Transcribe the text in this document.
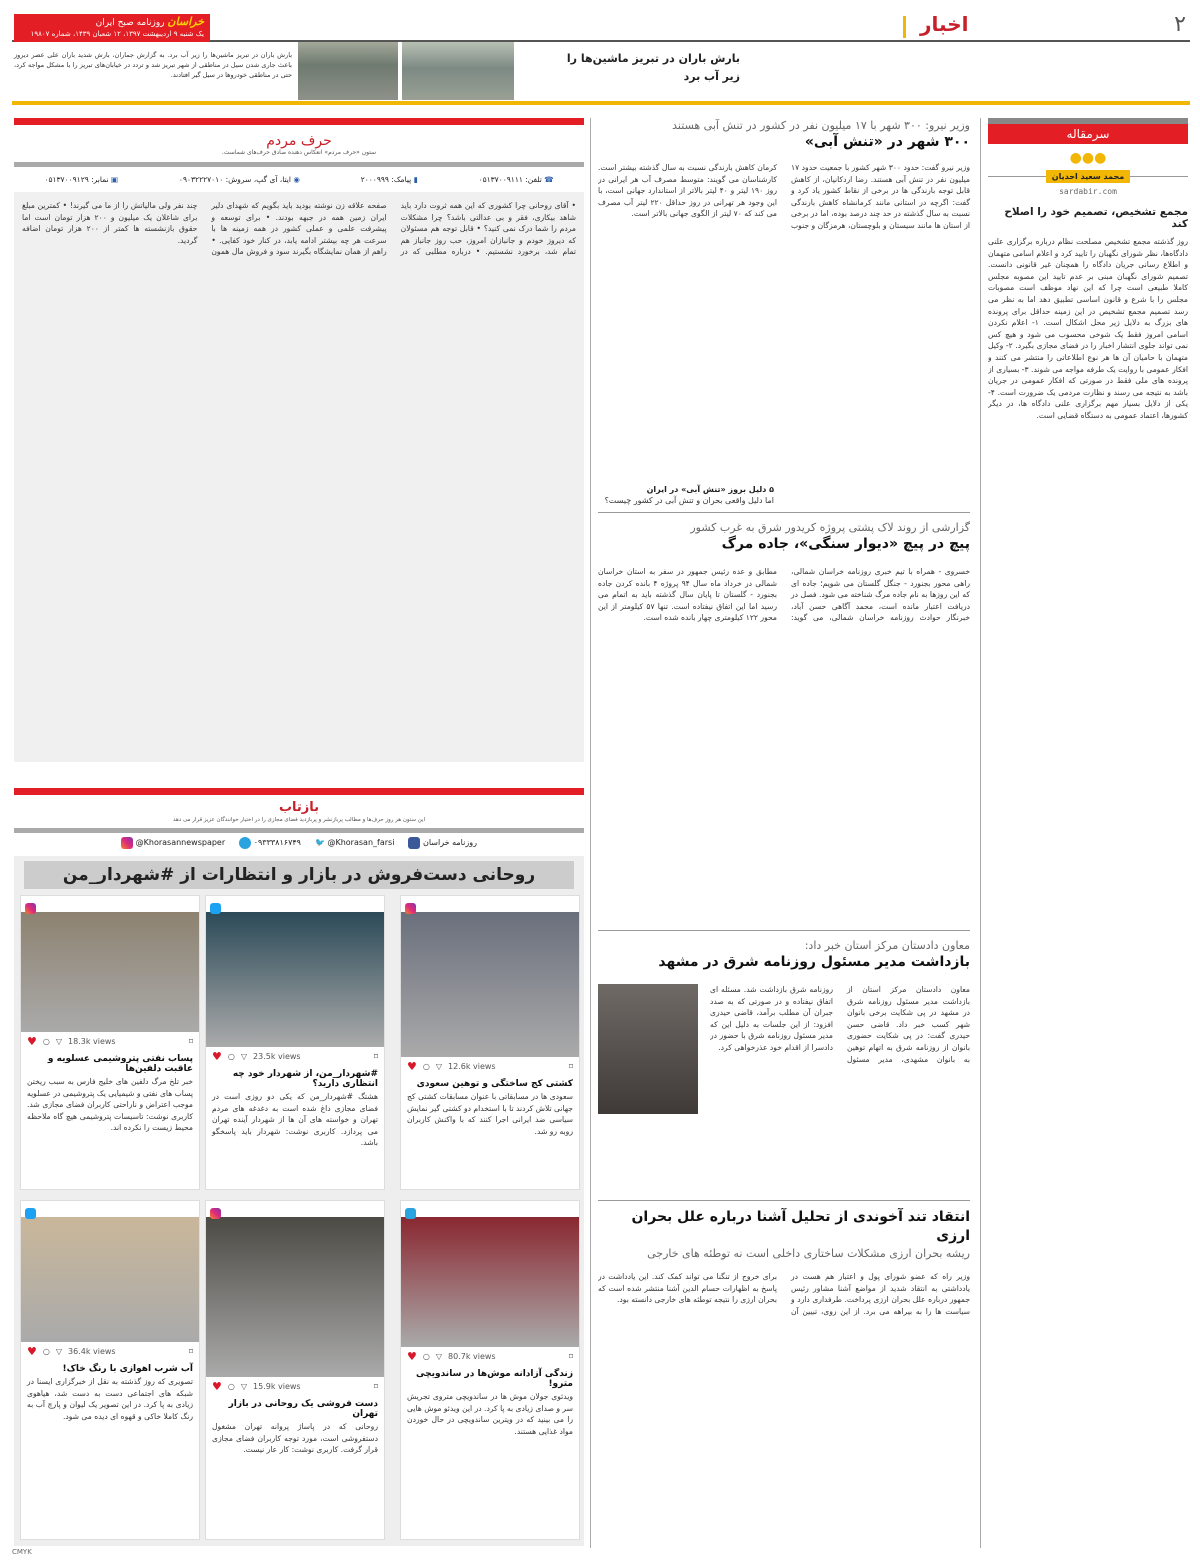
۲
اخبار
خراسان روزنامه صبح ایران
یک شنبه ۹ اردیبهشت ۱۳۹۷، ۱۲ شعبان ۱۴۳۹، شماره ۱۹۸۰۷
بارش باران در تبریز ماشین‌ها را
زیر آب برد
بارش باران در تبریز ماشین‌ها را زیر آب برد. به گزارش جماران، بارش شدید باران علی عصر دیروز باعث جاری شدن سیل در مناطقی از شهر تبریز شد و تردد در خیابان‌های تبریز را با مشکل مواجه کرد، حتی در مناطقی خودروها در سیل گیر افتادند.
سرمقاله
●●●
محمد سعید احدیان
sardabir.com
مجمع تشخیص، تصمیم خود را اصلاح کند
روز گذشته مجمع تشخیص مصلحت نظام درباره برگزاری علنی دادگاه‌ها، نظر شورای نگهبان را تایید کرد و اعلام اسامی متهمان و اطلاع رسانی جریان دادگاه را همچنان غیر قانونی دانست. تصمیم شورای نگهبان مبنی بر عدم تایید این مصوبه مجلس کاملا طبیعی است چرا که این نهاد موظف است مصوبات مجلس را با شرع و قانون اساسی تطبیق دهد اما به نظر می رسد تصمیم مجمع تشخیص در این زمینه حداقل برای پرونده های بزرگ به دلایل زیر محل اشکال است. ۱- اعلام نکردن اسامی امروز فقط یک شوخی محسوب می شود و هیچ کس نمی تواند جلوی انتشار اخبار را در فضای مجازی بگیرد. ۲- وکیل متهمان با حامیان آن ها هر نوع اطلاعاتی را منتشر می کنند و افکار عمومی با روایت یک طرفه مواجه می شوند. ۳- بسیاری از پرونده های ملی فقط در صورتی که افکار عمومی در جریان باشد به نتیجه می رسند و نظارت مردمی یک ضرورت است. ۴- یکی از دلایل بسیار مهم برگزاری علنی دادگاه ها، در دیگر کشورها، اعتماد عمومی به دستگاه قضایی است.
وزیر نیرو: ۳۰۰ شهر با ۱۷ میلیون نفر در کشور در تنش آبی هستند
۳۰۰ شهر در «تنش آبی»
وزیر نیرو گفت: حدود ۳۰۰ شهر کشور با جمعیت حدود ۱۷ میلیون نفر در تنش آبی هستند. رضا اردکانیان، از کاهش قابل توجه بارندگی ها در برخی از نقاط کشور یاد کرد و گفت: اگرچه در استانی مانند کرمانشاه کاهش بارندگی نسبت به سال گذشته در حد چند درصد بوده، اما در برخی از استان ها مانند سیستان و بلوچستان، هرمزگان و جنوب کرمان کاهش بارندگی نسبت به سال گذشته بیشتر است. کارشناسان می گویند: متوسط مصرف آب هر ایرانی در روز ۱۹۰ لیتر و ۴۰ لیتر بالاتر از استاندارد جهانی است، با این وجود هر تهرانی در روز حداقل ۲۲۰ لیتر آب مصرف می کند که ۷۰ لیتر از الگوی جهانی بالاتر است.
۵ دلیل بروز «تنش آبی» در ایران
اما دلیل واقعی بحران و تنش آبی در کشور چیست؟
گزارشی از روند لاک پشتی پروژه کریدور شرق به غرب کشور
پیچ در پیچ «دیوار سنگی»، جاده مرگ
خسروی - همراه با تیم خبری روزنامه خراسان شمالی، راهی محور بجنورد - جنگل گلستان می شویم؛ جاده ای که این روزها به نام جاده مرگ شناخته می شود. فصل در دریافت اعتبار مانده است، محمد آگاهی حسن آباد، خبرنگار حوادث روزنامه خراسان شمالی، می گوید: مطابق و عده رئیس جمهور در سفر به استان خراسان شمالی در خرداد ماه سال ۹۴ پروژه ۴ بانده کردن جاده بجنورد - گلستان تا پایان سال گذشته باید به اتمام می رسید اما این اتفاق نیفتاده است. تنها ۵۷ کیلومتر از این محور ۱۲۲ کیلومتری چهار بانده شده است.
معاون دادستان مرکز استان خبر داد:
بازداشت مدیر مسئول روزنامه شرق در مشهد
معاون دادستان مرکز استان از بازداشت مدیر مسئول روزنامه شرق در مشهد در پی شکایت برخی بانوان شهر کسب خبر داد. قاضی حسن حیدری گفت: در پی شکایت حضوری بانوان از روزنامه شرق به اتهام توهین به بانوان مشهدی، مدیر مسئول روزنامه شرق بازداشت شد. مسئله ای اتفاق نیفتاده و در صورتی که به صدد جبران آن مطلب برآمد، قاضی حیدری افزود: از این جلسات به دلیل این که مدیر مسئول روزنامه شرق با حضور در دادسرا از اقدام خود عذرخواهی کرد.
انتقاد تند آخوندی از تحلیل آشنا درباره علل بحران ارزی
ریشه بحران ارزی مشکلات ساختاری داخلی است نه توطئه های خارجی
وزیر راه که عضو شورای پول و اعتبار هم هست در یادداشتی به انتقاد شدید از مواضع آشنا مشاور رئیس جمهور درباره علل بحران ارزی پرداخت. طرفداری دارد و سیاست ها را به بیراهه می برد. از این روی، تبیین آن برای خروج از تنگنا می تواند کمک کند. این یادداشت در پاسخ به اظهارات حسام الدین آشنا منتشر شده است که بحران ارزی را نتیجه توطئه های خارجی دانسته بود.
حرف مردم
ستون «حرف مردم» انعکاس دهنده صادق حرف‌های شماست.
☎ تلفن: ۰۵۱۳۷۰۰۹۱۱۱
▮ پیامک: ۲۰۰۰۹۹۹
◉ ایتا، آی گپ، سروش: ۰۹۰۳۲۲۲۷۰۱۰
▣ نمابر: ۰۵۱۳۷۰۰۹۱۲۹
• آقای روحانی چرا کشوری که این همه ثروت دارد باید شاهد بیکاری، فقر و بی عدالتی باشد؟ چرا مشکلات مردم را شما درک نمی کنید؟ • قابل توجه هم مسئولان که دیروز خودم و جانبازان امروز، حب روز جانباز هم تمام شد، برخورد نشستیم. • درباره مطلبی که در صفحه علاقه زن نوشته بودید باید بگویم که شهدای دلیر ایران زمین همه در جبهه بودند. • برای توسعه و پیشرفت علمی و عملی کشور در همه زمینه ها با سرعت هر چه بیشتر ادامه یابد، در کنار خود کفایی. • راهم از همان نمایشگاه بگیرند سود و فروش مال همون چند نفر ولی مالیاتش را از ما می گیرند! • کمترین مبلغ برای شاغلان یک میلیون و ۲۰۰ هزار تومان است اما حقوق بازنشسته ها کمتر از ۲۰۰ هزار تومان اضافه گردید.
بازتاب
این ستون هر روز حرف‌ها و مطالب پربازنشر و پربازدید فضای مجازی را در اختیار خوانندگان عزیز قرار می دهد
روزنامه خراسان
🐦 @Khorasan_farsi
۰۹۳۳۳۸۱۶۷۴۹
@Khorasannewspaper
روحانی دست‌فروش در بازار و انتظارات از #شهردار_من
♥ ○ ▽ 18.3k views	⌑
پساب نفتی پتروشیمی عسلویه و عاقبت دلفین‌ها

خبر تلخ مرگ دلفین های خلیج فارس به سبب ریختن پساب های نفتی و شیمیایی یک پتروشیمی در عسلویه موجب اعتراض و ناراحتی کاربران فضای مجازی شد. کاربری نوشت: تاسیسات پتروشیمی هیچ گاه ملاحظه محیط زیست را نکرده اند.

♥ ○ ▽ 23.5k views	⌑
#شهردار_من، از شهردار خود چه انتظاری دارید؟

هشتگ #شهردار_من که یکی دو روزی است در فضای مجازی داغ شده است به دغدغه های مردم تهران و خواسته های آن ها از شهردار آینده تهران می پردازد. کاربری نوشت: شهردار باید پاسخگو باشد.

♥ ○ ▽ 12.6k views	⌑
کشتی کج ساختگی و توهین سعودی

سعودی ها در مسابقاتی با عنوان مسابقات کشتی کج جهانی تلاش کردند تا با استخدام دو کشتی گیر نمایش سیاسی ضد ایرانی اجرا کنند که با واکنش کاربران روبه رو شد.

♥ ○ ▽ 36.4k views	⌑
آب شرب اهوازی با رنگ خاک!

تصویری که روز گذشته به نقل از خبرگزاری ایسنا در شبکه های اجتماعی دست به دست شد، هیاهوی زیادی به پا کرد. در این تصویر یک لیوان و پارچ آب به رنگ کاملا خاکی و قهوه ای دیده می شود.

♥ ○ ▽ 15.9k views	⌑
دست فروشی یک روحانی در بازار تهران

روحانی که در پاساژ پروانه تهران مشغول دستفروشی است، مورد توجه کاربران فضای مجازی قرار گرفت. کاربری نوشت: کار عار نیست.

♥ ○ ▽ 80.7k views	⌑
زندگی آزادانه موش‌ها در ساندویچی مترو!

ویدئوی جولان موش ها در ساندویچی متروی تجریش سر و صدای زیادی به پا کرد. در این ویدئو موش هایی را می بینید که در ویترین ساندویچی در حال خوردن مواد غذایی هستند.

CMYK
